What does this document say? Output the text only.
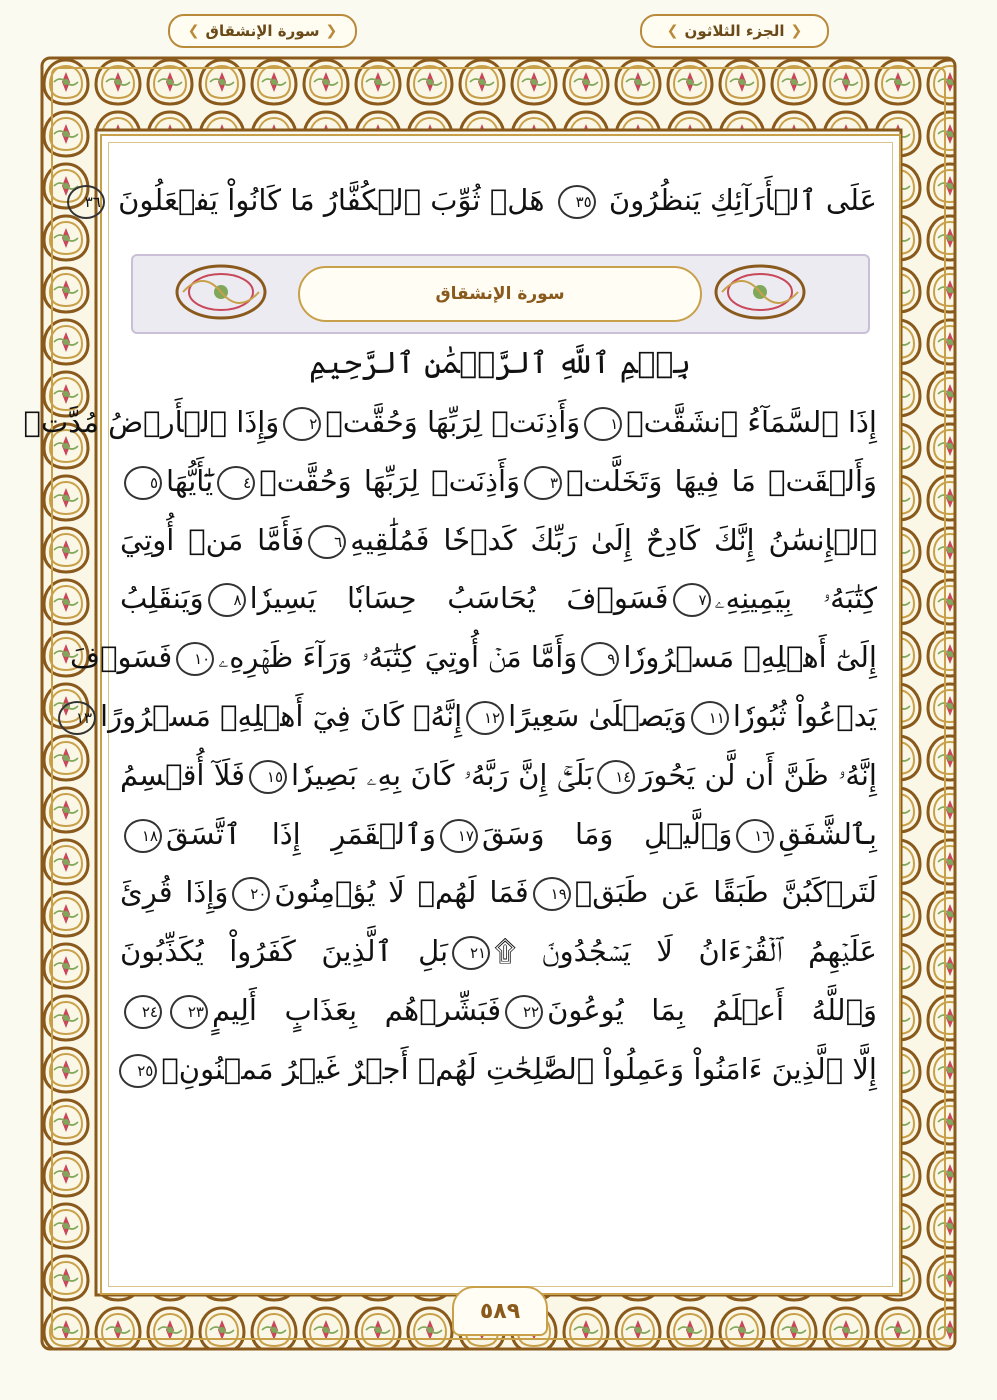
❮ الجزء الثلاثون ❯
❮ سورة الإنشقاق ❯
عَلَى ٱلۡأَرَآئِكِ يَنظُرُونَ ٣٥ هَلۡ ثُوِّبَ ٱلۡكُفَّارُ مَا كَانُواْ يَفۡعَلُونَ ٣٦
سورة الإنشقاق
بِسۡمِ ٱللَّهِ ٱلرَّحۡمَٰنِ ٱلرَّحِيمِ
إِذَا ٱلسَّمَآءُ ٱنشَقَّتۡ١وَأَذِنَتۡ لِرَبِّهَا وَحُقَّتۡ٢وَإِذَا ٱلۡأَرۡضُ مُدَّتۡ
وَأَلۡقَتۡ مَا فِيهَا وَتَخَلَّتۡ٣وَأَذِنَتۡ لِرَبِّهَا وَحُقَّتۡ٤يَٰٓأَيُّهَا٥
ٱلۡإِنسَٰنُ إِنَّكَ كَادِحٌ إِلَىٰ رَبِّكَ كَدۡحٗا فَمُلَٰقِيهِ٦فَأَمَّا مَنۡ أُوتِيَ
كِتَٰبَهُۥ بِيَمِينِهِۦ٧فَسَوۡفَ يُحَاسَبُ حِسَابٗا يَسِيرٗا٨وَيَنقَلِبُ
إِلَىٰٓ أَهۡلِهِۦ مَسۡرُورٗا٩وَأَمَّا مَنۡ أُوتِيَ كِتَٰبَهُۥ وَرَآءَ ظَهۡرِهِۦ١٠فَسَوۡفَ
يَدۡعُواْ ثُبُورٗا١١وَيَصۡلَىٰ سَعِيرًا١٢إِنَّهُۥ كَانَ فِيٓ أَهۡلِهِۦ مَسۡرُورًا١٣
إِنَّهُۥ ظَنَّ أَن لَّن يَحُورَ١٤بَلَىٰٓۚ إِنَّ رَبَّهُۥ كَانَ بِهِۦ بَصِيرٗا١٥فَلَآ أُقۡسِمُ
بِٱلشَّفَقِ١٦وَٱلَّيۡلِ وَمَا وَسَقَ١٧وَٱلۡقَمَرِ إِذَا ٱتَّسَقَ١٨
لَتَرۡكَبُنَّ طَبَقًا عَن طَبَقٖ١٩فَمَا لَهُمۡ لَا يُؤۡمِنُونَ٢٠وَإِذَا قُرِئَ
عَلَيۡهِمُ ٱلۡقُرۡءَانُ لَا يَسۡجُدُونَۤ ۩٢١بَلِ ٱلَّذِينَ كَفَرُواْ يُكَذِّبُونَ
وَٱللَّهُ أَعۡلَمُ بِمَا يُوعُونَ٢٢فَبَشِّرۡهُم بِعَذَابٍ أَلِيمٍ٢٣٢٤
إِلَّا ٱلَّذِينَ ءَامَنُواْ وَعَمِلُواْ ٱلصَّٰلِحَٰتِ لَهُمۡ أَجۡرٌ غَيۡرُ مَمۡنُونِۭ٢٥
٥٨٩
